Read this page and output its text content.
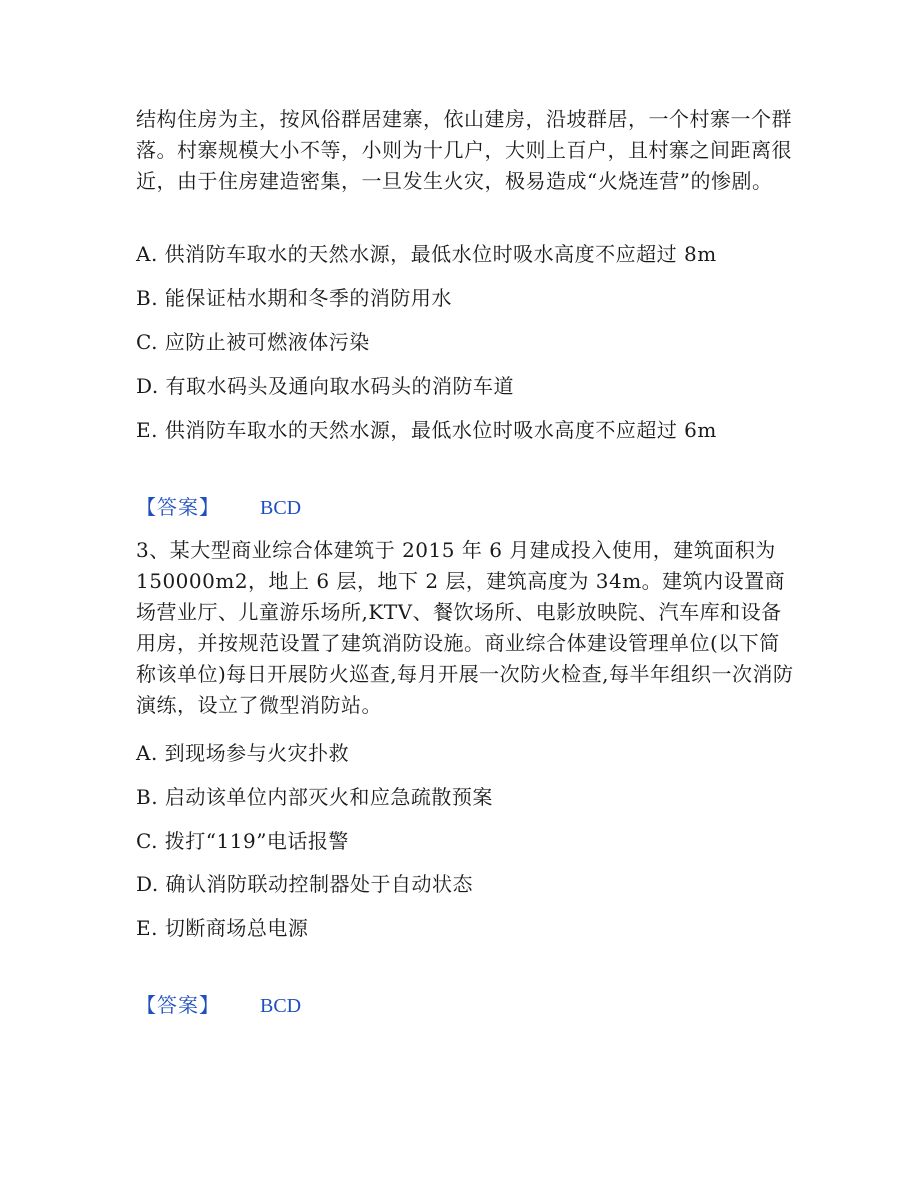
结构住房为主，按风俗群居建寨，依山建房，沿坡群居，一个村寨一个群落。村寨规模大小不等，小则为十几户，大则上百户，且村寨之间距离很近，由于住房建造密集，一旦发生火灾，极易造成“火烧连营”的惨剧。

A. 供消防车取水的天然水源，最低水位时吸水高度不应超过 8m

B. 能保证枯水期和冬季的消防用水

C. 应防止被可燃液体污染

D. 有取水码头及通向取水码头的消防车道

E. 供消防车取水的天然水源，最低水位时吸水高度不应超过 6m

【答案】 BCD

3、某大型商业综合体建筑于 2015 年 6 月建成投入使用，建筑面积为 150000m2，地上 6 层，地下 2 层，建筑高度为 34m。建筑内设置商场营业厅、儿童游乐场所,KTV、餐饮场所、电影放映院、汽车库和设备用房，并按规范设置了建筑消防设施。商业综合体建设管理单位(以下简称该单位)每日开展防火巡查,每月开展一次防火检查,每半年组织一次消防演练，设立了微型消防站。

A. 到现场参与火灾扑救

B. 启动该单位内部灭火和应急疏散预案

C. 拨打“119”电话报警

D. 确认消防联动控制器处于自动状态

E. 切断商场总电源

【答案】 BCD
